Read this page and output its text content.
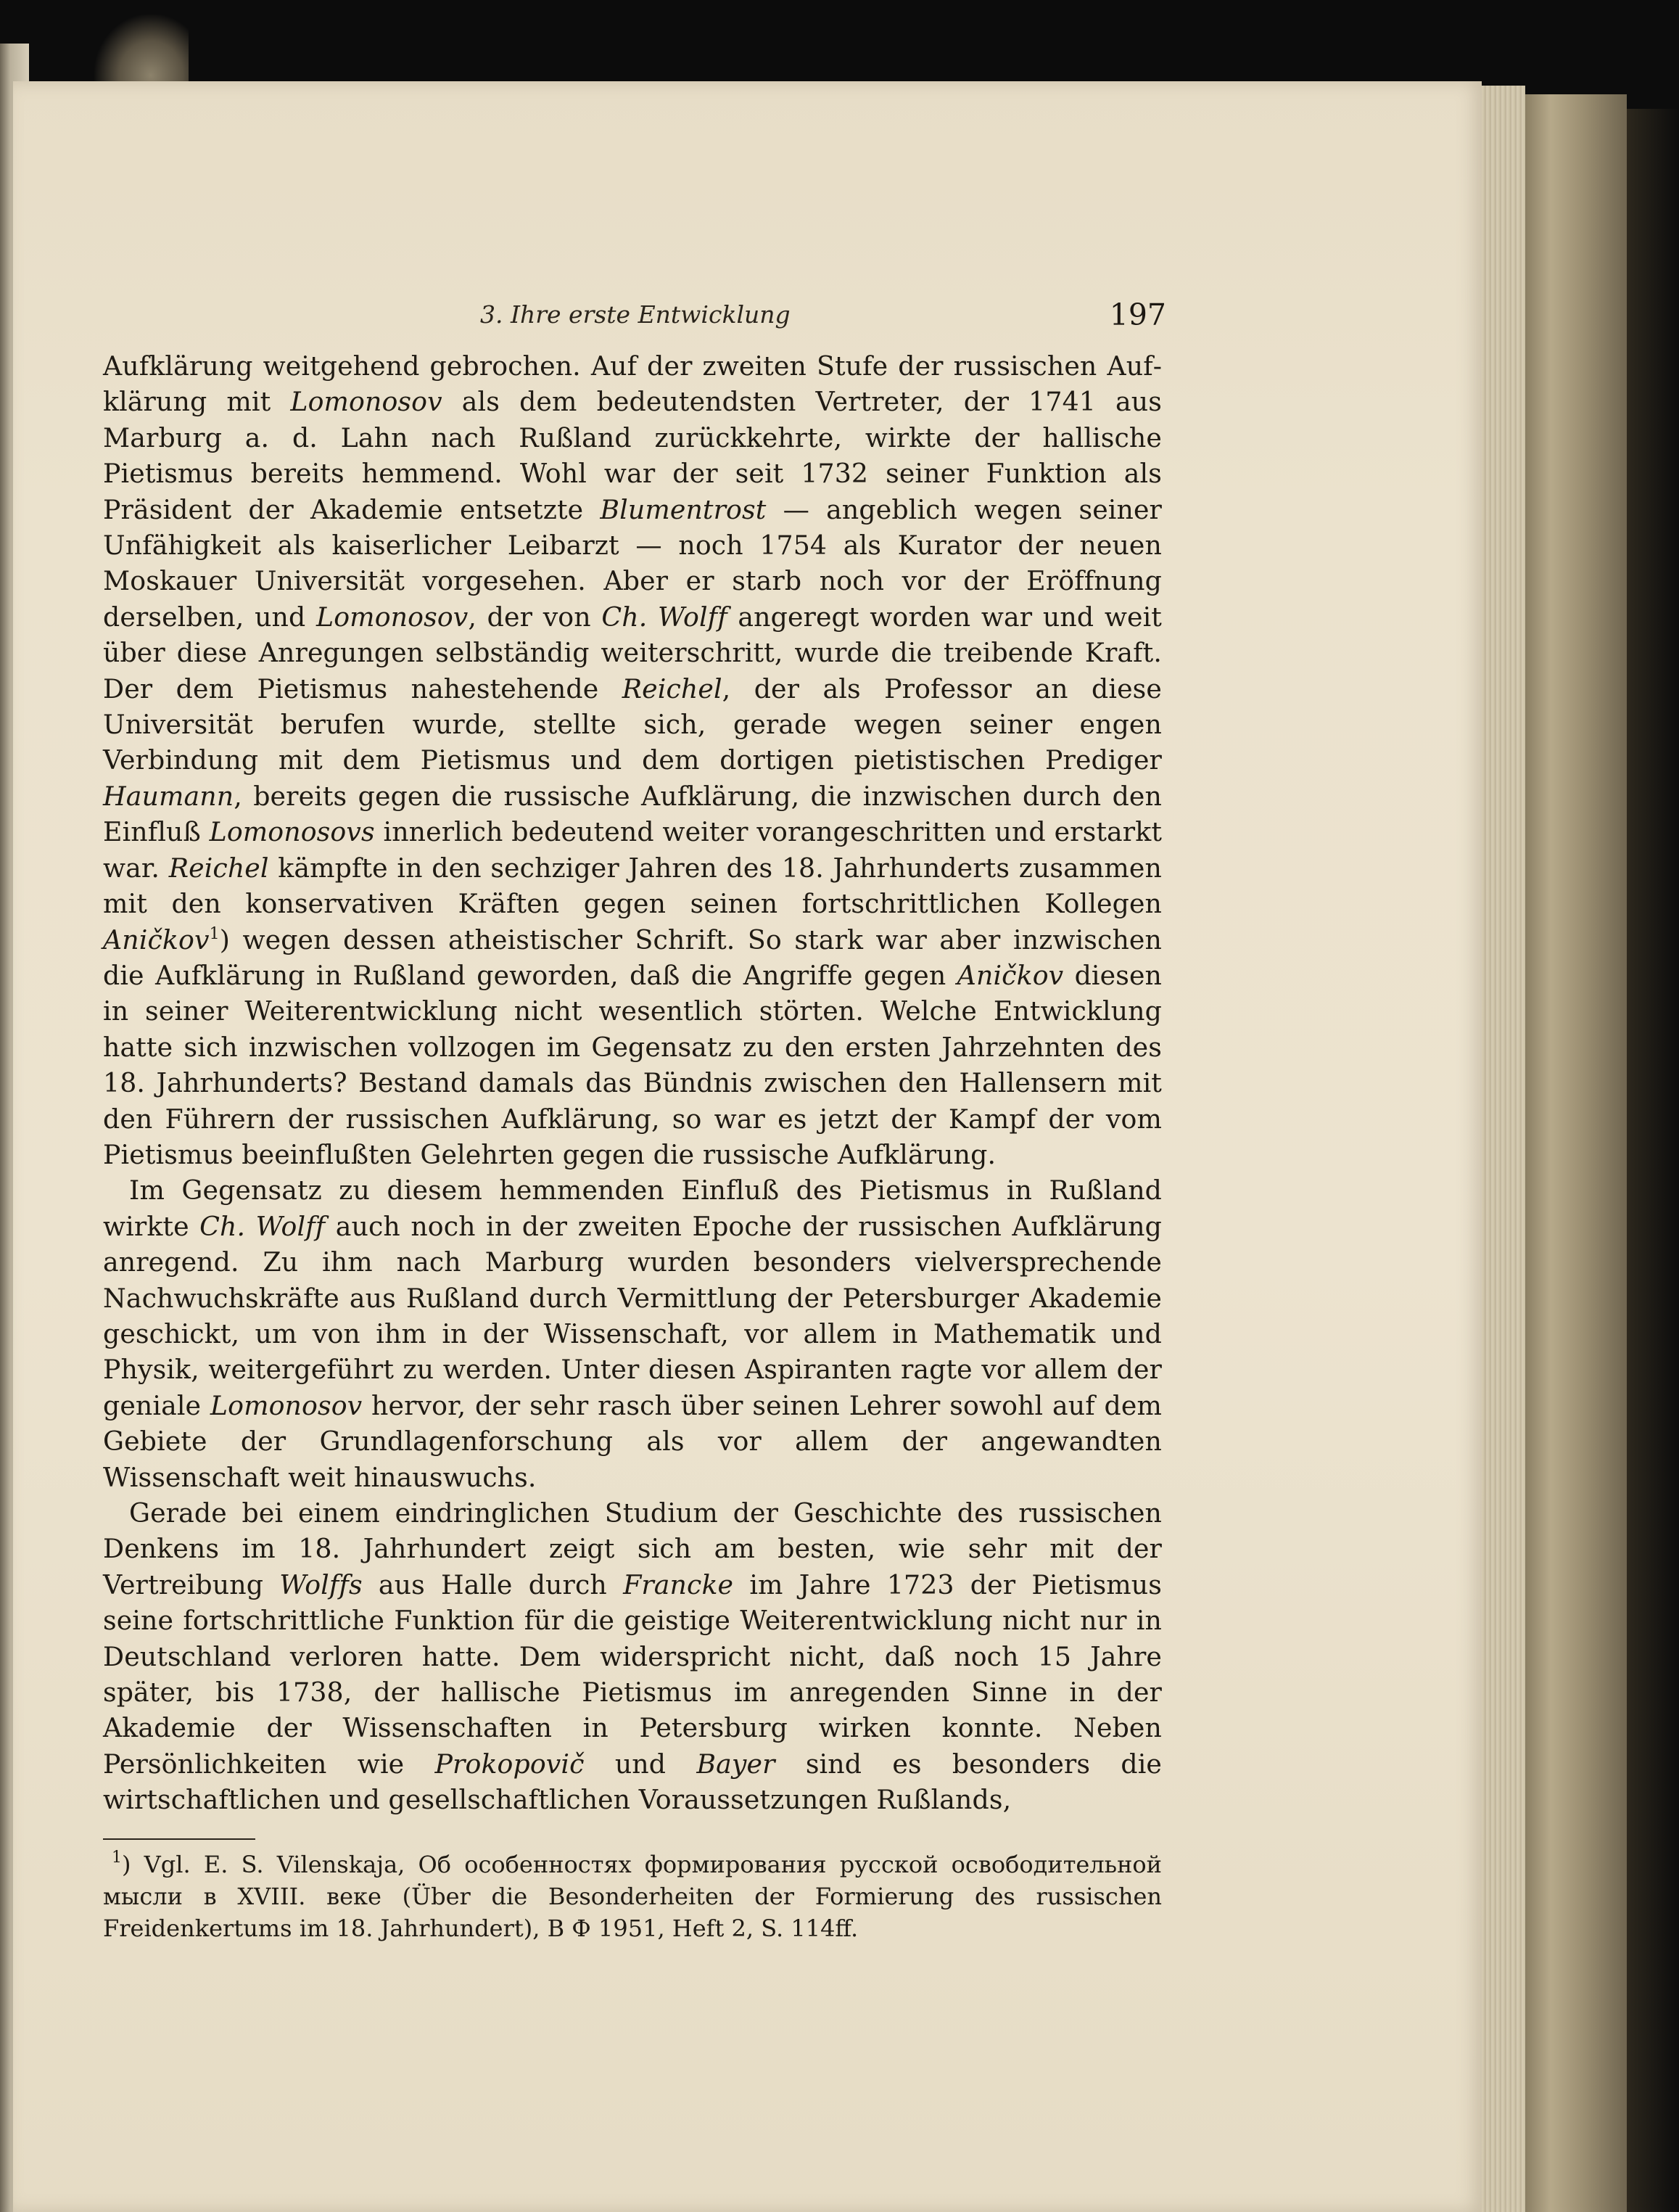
3. Ihre erste Entwicklung	197

Aufklärung weitgehend gebrochen. Auf der zweiten Stufe der russischen Aufklärung mit Lomonosov als dem bedeutendsten Vertreter, der 1741 aus Marburg a. d. Lahn nach Rußland zurückkehrte, wirkte der hallische Pietismus bereits hemmend. Wohl war der seit 1732 seiner Funktion als Präsident der Akademie entsetzte Blumentrost — angeblich wegen seiner Unfähigkeit als kaiserlicher Leibarzt — noch 1754 als Kurator der neuen Moskauer Universität vorgesehen. Aber er starb noch vor der Eröffnung derselben, und Lomonosov, der von Ch. Wolff angeregt worden war und weit über diese Anregungen selbständig weiterschritt, wurde die treibende Kraft. Der dem Pietismus nahestehende Reichel, der als Professor an diese Universität berufen wurde, stellte sich, gerade wegen seiner engen Verbindung mit dem Pietismus und dem dortigen pietistischen Prediger Haumann, bereits gegen die russische Aufklärung, die inzwischen durch den Einfluß Lomonosovs innerlich bedeutend weiter vorangeschritten und erstarkt war. Reichel kämpfte in den sechziger Jahren des 18. Jahrhunderts zusammen mit den konservativen Kräften gegen seinen fortschrittlichen Kollegen Aničkov$^1$) wegen dessen atheistischer Schrift. So stark war aber inzwischen die Aufklärung in Rußland geworden, daß die Angriffe gegen Aničkov diesen in seiner Weiterentwicklung nicht wesentlich störten. Welche Entwicklung hatte sich inzwischen vollzogen im Gegensatz zu den ersten Jahrzehnten des 18. Jahrhunderts? Bestand damals das Bündnis zwischen den Hallensern mit den Führern der russischen Aufklärung, so war es jetzt der Kampf der vom Pietismus beeinflußten Gelehrten gegen die russische Aufklärung.

Im Gegensatz zu diesem hemmenden Einfluß des Pietismus in Rußland wirkte Ch. Wolff auch noch in der zweiten Epoche der russischen Aufklärung anregend. Zu ihm nach Marburg wurden besonders vielversprechende Nachwuchskräfte aus Rußland durch Vermittlung der Petersburger Akademie geschickt, um von ihm in der Wissenschaft, vor allem in Mathematik und Physik, weitergeführt zu werden. Unter diesen Aspiranten ragte vor allem der geniale Lomonosov hervor, der sehr rasch über seinen Lehrer sowohl auf dem Gebiete der Grundlagenforschung als vor allem der angewandten Wissenschaft weit hinauswuchs.

Gerade bei einem eindringlichen Studium der Geschichte des russischen Denkens im 18. Jahrhundert zeigt sich am besten, wie sehr mit der Vertreibung Wolffs aus Halle durch Francke im Jahre 1723 der Pietismus seine fortschrittliche Funktion für die geistige Weiterentwicklung nicht nur in Deutschland verloren hatte. Dem widerspricht nicht, daß noch 15 Jahre später, bis 1738, der hallische Pietismus im anregenden Sinne in der Akademie der Wissenschaften in Petersburg wirken konnte. Neben Persönlichkeiten wie Prokopovič und Bayer sind es besonders die wirtschaftlichen und gesellschaftlichen Voraussetzungen Rußlands,

$^1$) Vgl. E. S. Vilenskaja, Об особенностях формирования русской освободительной мысли в XVIII. веке (Über die Besonderheiten der Formierung des russischen Freidenkertums im 18. Jahrhundert), В Ф 1951, Heft 2, S. 114ff.
